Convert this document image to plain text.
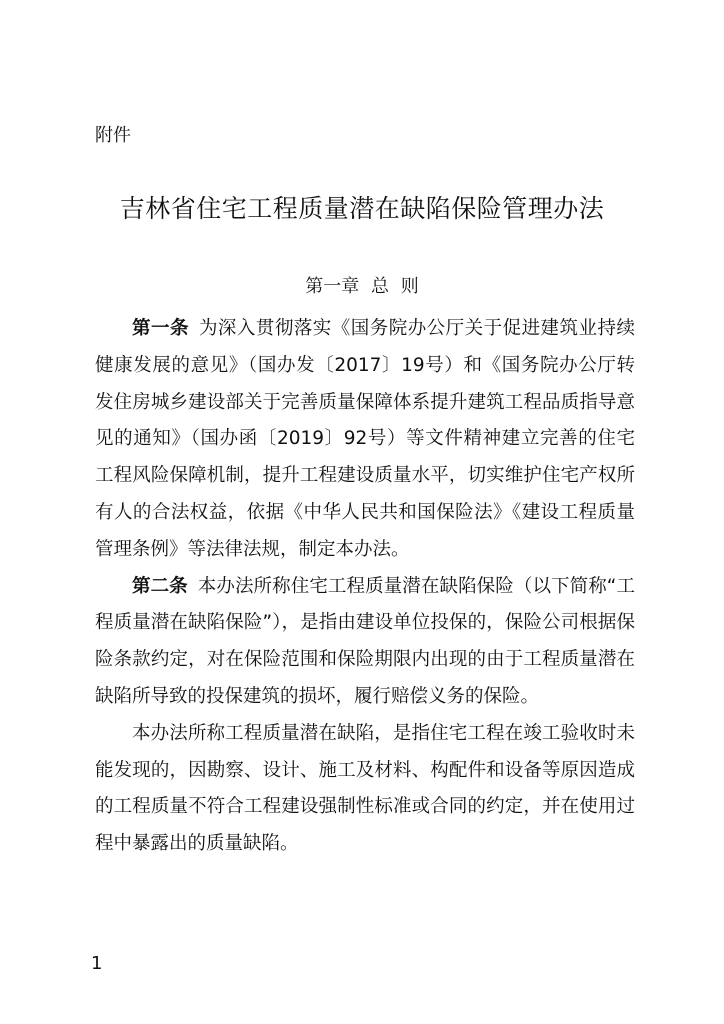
附件
吉林省住宅工程质量潜在缺陷保险管理办法
第一章 总 则

第一条 为深入贯彻落实《国务院办公厅关于促进建筑业持续健康发展的意见》（国办发〔2017〕19号）和《国务院办公厅转发住房城乡建设部关于完善质量保障体系提升建筑工程品质指导意见的通知》（国办函〔2019〕92号）等文件精神建立完善的住宅工程风险保障机制，提升工程建设质量水平，切实维护住宅产权所有人的合法权益，依据《中华人民共和国保险法》《建设工程质量管理条例》等法律法规，制定本办法。

第二条 本办法所称住宅工程质量潜在缺陷保险（以下简称“工程质量潜在缺陷保险”），是指由建设单位投保的，保险公司根据保险条款约定，对在保险范围和保险期限内出现的由于工程质量潜在缺陷所导致的投保建筑的损坏，履行赔偿义务的保险。

本办法所称工程质量潜在缺陷，是指住宅工程在竣工验收时未能发现的，因勘察、设计、施工及材料、构配件和设备等原因造成的工程质量不符合工程建设强制性标准或合同的约定，并在使用过程中暴露出的质量缺陷。

1
